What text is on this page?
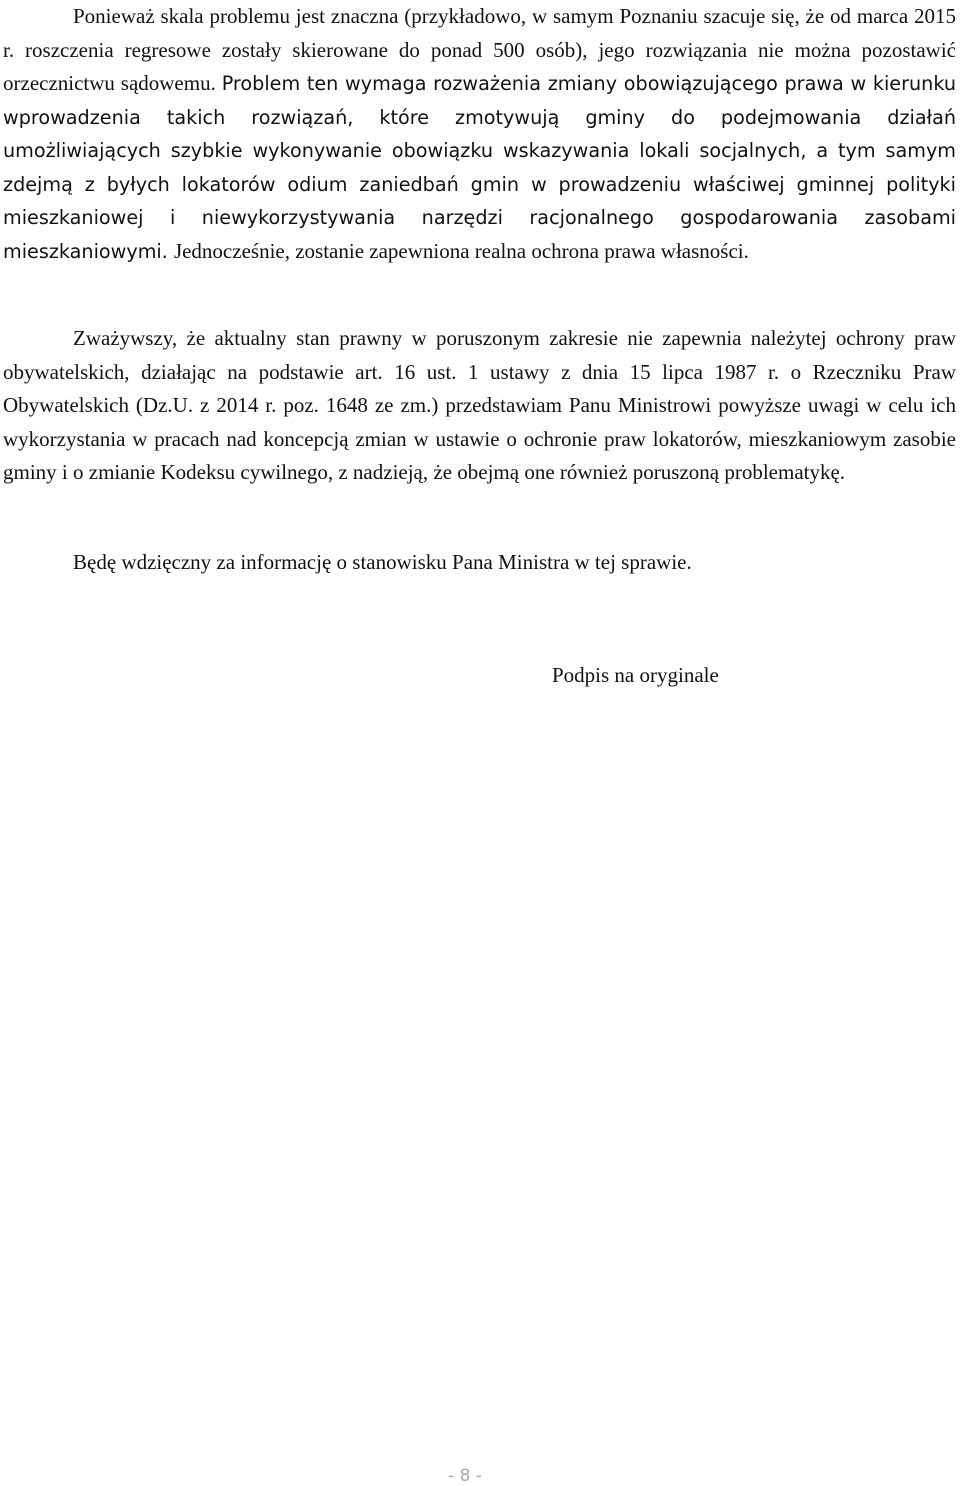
Ponieważ skala problemu jest znaczna (przykładowo, w samym Poznaniu szacuje się, że od marca 2015 r. roszczenia regresowe zostały skierowane do ponad 500 osób), jego rozwiązania nie można pozostawić orzecznictwu sądowemu. Problem ten wymaga rozważenia zmiany obowiązującego prawa w kierunku wprowadzenia takich rozwiązań, które zmotywują gminy do podejmowania działań umożliwiających szybkie wykonywanie obowiązku wskazywania lokali socjalnych, a tym samym zdejmą z byłych lokatorów odium zaniedbań gmin w prowadzeniu właściwej gminnej polityki mieszkaniowej i niewykorzystywania narzędzi racjonalnego gospodarowania zasobami mieszkaniowymi. Jednocześnie, zostanie zapewniona realna ochrona prawa własności.

Zważywszy, że aktualny stan prawny w poruszonym zakresie nie zapewnia należytej ochrony praw obywatelskich, działając na podstawie art. 16 ust. 1 ustawy z dnia 15 lipca 1987 r. o Rzeczniku Praw Obywatelskich (Dz.U. z 2014 r. poz. 1648 ze zm.) przedstawiam Panu Ministrowi powyższe uwagi w celu ich wykorzystania w pracach nad koncepcją zmian w ustawie o ochronie praw lokatorów, mieszkaniowym zasobie gminy i o zmianie Kodeksu cywilnego, z nadzieją, że obejmą one również poruszoną problematykę.

Będę wdzięczny za informację o stanowisku Pana Ministra w tej sprawie.

Podpis na oryginale

- 8 -
